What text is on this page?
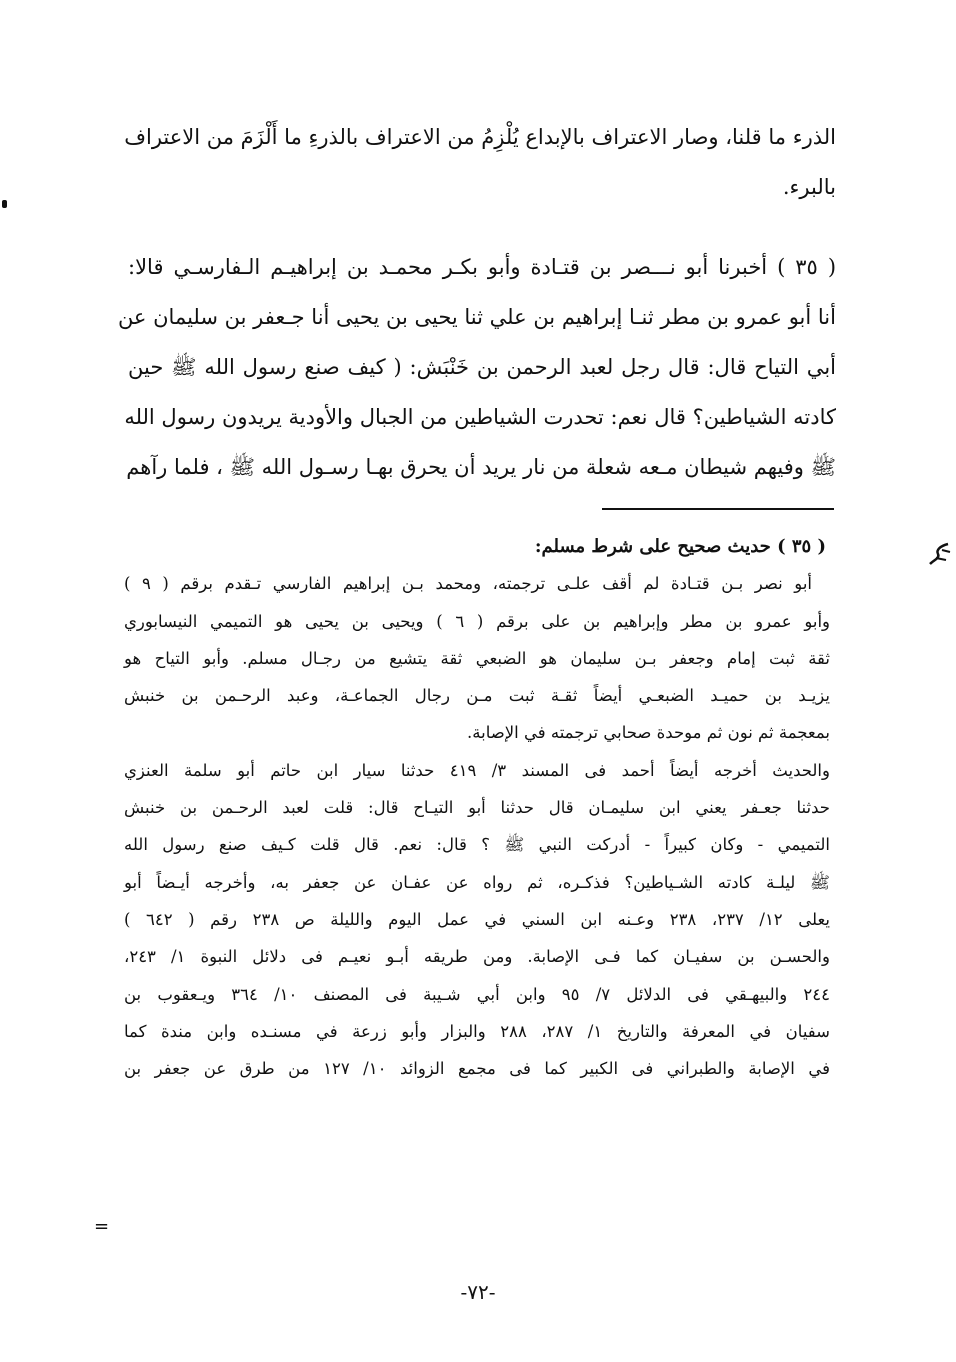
الذرء ما قلنا، وصار الاعتراف بالإبداع يُلْزِمُ من الاعتراف بالذرءِ ما أَلْزَمَ من الاعتراف
بالبرء.
( ٣٥ ) أخبرنا أبو نـــصر بن قتـادة وأبو بكـر محمـد بن إبراهيـم الـفارسـي قالا:
أنا أبو عمرو بن مطر ثنـا إبراهيم بن علي ثنا يحيى بن يحيى أنا جـعفر بن سليمان عن
أبي التياح قال: قال رجل لعبد الرحمن بن خَنْبَش: ( كيف صنع رسول الله ﷺ حين
كادته الشياطين؟ قال نعم: تحدرت الشياطين من الجبال والأودية يريدون رسول الله
ﷺ وفيهم شيطان مـعه شعلة من نار يريد أن يحرق بهـا رسـول الله ﷺ ، فلما رآهم
( ٣٥ ) حديث صحيح على شرط مسلم:
أبو نصر بـن قتـادة لم أقف علـى ترجمته، ومحمد بـن إبراهيم الفارسي تـقدم برقم ( ٩ )
وأبو عمرو بن مطر وإبراهيم بن على برقم ( ٦ ) ويحيى بن يحيى هو التميمي النيسابوري
ثقة ثبت إمام وجعفر بـن سليمان هو الضبعي ثقة يتشيع من رجـال مسلم. وأبو التياح هو
يزيـد بن حميـد الضبعـي أيضاً ثقـة ثبت مـن رجال الجماعـة، وعبد الرحـمن بن خنبش
بمعجمة ثم نون ثم موحدة صحابي ترجمته في الإصابة.
والحديث أخرجه أيضاً أحمد فى المسند ٣/ ٤١٩ حدثنا سيار ابن حاتم أبو سلمة العنزي
حدثنا جعـفر يعني ابن سليمـان قال حدثنا أبو التيـاح قال: قلت لعبد الرحـمن بن خنبش
التميمي - وكان كبيراً - أدركت النبي ﷺ ؟ قال: نعم. قال قلت كـيف صنع رسول الله
ﷺ ليلـة كادته الشـياطين؟ فذكـره، ثم رواه عن عفـان عن جعفر به، وأخرجه أيـضاً أبو
يعلى ١٢/ ٢٣٧، ٢٣٨ وعـنه ابن السني في عمل اليوم والليلة ص ٢٣٨ رقم ( ٦٤٢ )
والحسـن بن سفيـان كما فـى الإصابة. ومن طريقه أبـو نعيـم فى دلائل النبوة ١/ ٢٤٣،
٢٤٤ والبيهـقي فى الدلائل ٧/ ٩٥ وابن أبي شـيبة فى المصنف ١٠/ ٣٦٤ ويـعقوب بن
سفيان في المعرفة والتاريخ ١/ ٢٨٧، ٢٨٨ والبزار وأبو زرعة في مسنـده وابن مندة كما
في الإصابة والطبراني فى الكبير كما فى مجمع الزوائد ١٠/ ١٢٧ من طرق عن جعفر بن
=
-٧٢-
